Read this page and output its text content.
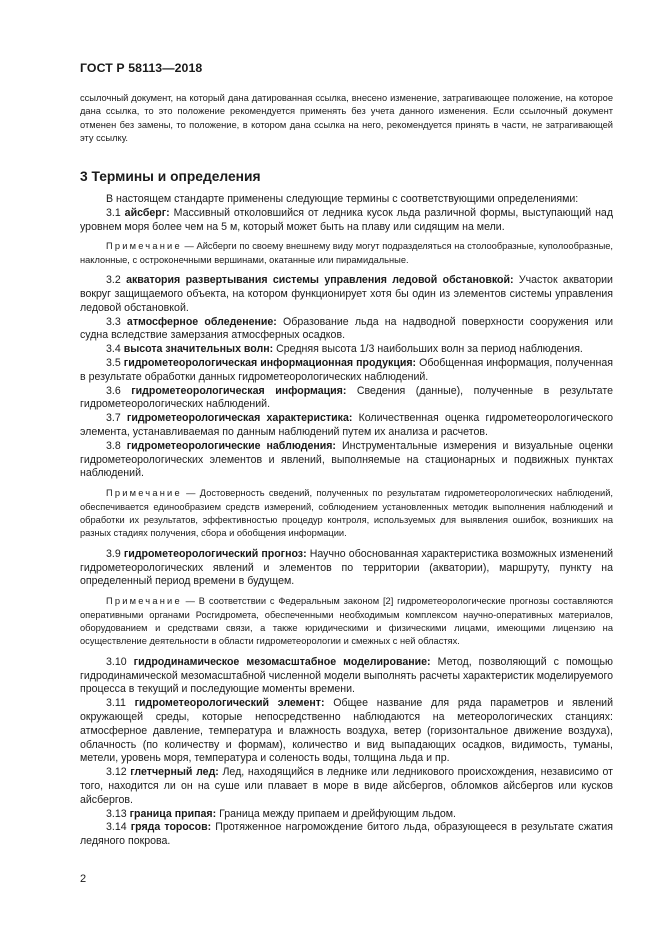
ГОСТ Р 58113—2018
ссылочный документ, на который дана датированная ссылка, внесено изменение, затрагивающее положение, на которое дана ссылка, то это положение рекомендуется применять без учета данного изменения. Если ссылочный документ отменен без замены, то положение, в котором дана ссылка на него, рекомендуется принять в части, не затрагивающей эту ссылку.
3 Термины и определения

В настоящем стандарте применены следующие термины с соответствующими определениями:

3.1 айсберг: Массивный отколовшийся от ледника кусок льда различной формы, выступающий над уровнем моря более чем на 5 м, который может быть на плаву или сидящим на мели.

Примечание — Айсберги по своему внешнему виду могут подразделяться на столообразные, куполообразные, наклонные, с остроконечными вершинами, окатанные или пирамидальные.

3.2 акватория развертывания системы управления ледовой обстановкой: Участок акватории вокруг защищаемого объекта, на котором функционирует хотя бы один из элементов системы управления ледовой обстановкой.

3.3 атмосферное обледенение: Образование льда на надводной поверхности сооружения или судна вследствие замерзания атмосферных осадков.

3.4 высота значительных волн: Средняя высота 1/3 наибольших волн за период наблюдения.

3.5 гидрометеорологическая информационная продукция: Обобщенная информация, полученная в результате обработки данных гидрометеорологических наблюдений.

3.6 гидрометеорологическая информация: Сведения (данные), полученные в результате гидрометеорологических наблюдений.

3.7 гидрометеорологическая характеристика: Количественная оценка гидрометеорологического элемента, устанавливаемая по данным наблюдений путем их анализа и расчетов.

3.8 гидрометеорологические наблюдения: Инструментальные измерения и визуальные оценки гидрометеорологических элементов и явлений, выполняемые на стационарных и подвижных пунктах наблюдений.

Примечание — Достоверность сведений, полученных по результатам гидрометеорологических наблюдений, обеспечивается единообразием средств измерений, соблюдением установленных методик выполнения наблюдений и обработки их результатов, эффективностью процедур контроля, используемых для выявления ошибок, возникших на разных стадиях получения, сбора и обобщения информации.

3.9 гидрометеорологический прогноз: Научно обоснованная характеристика возможных изменений гидрометеорологических явлений и элементов по территории (акватории), маршруту, пункту на определенный период времени в будущем.

Примечание — В соответствии с Федеральным законом [2] гидрометеорологические прогнозы составляются оперативными органами Росгидромета, обеспеченными необходимым комплексом научно-оперативных материалов, оборудованием и средствами связи, а также юридическими и физическими лицами, имеющими лицензию на осуществление деятельности в области гидрометеорологии и смежных с ней областях.

3.10 гидродинамическое мезомасштабное моделирование: Метод, позволяющий с помощью гидродинамической мезомасштабной численной модели выполнять расчеты характеристик моделируемого процесса в текущий и последующие моменты времени.

3.11 гидрометеорологический элемент: Общее название для ряда параметров и явлений окружающей среды, которые непосредственно наблюдаются на метеорологических станциях: атмосферное давление, температура и влажность воздуха, ветер (горизонтальное движение воздуха), облачность (по количеству и формам), количество и вид выпадающих осадков, видимость, туманы, метели, уровень моря, температура и соленость воды, толщина льда и пр.

3.12 глетчерный лед: Лед, находящийся в леднике или ледникового происхождения, независимо от того, находится ли он на суше или плавает в море в виде айсбергов, обломков айсбергов или кусков айсбергов.

3.13 граница припая: Граница между припаем и дрейфующим льдом.

3.14 гряда торосов: Протяженное нагромождение битого льда, образующееся в результате сжатия ледяного покрова.

2
